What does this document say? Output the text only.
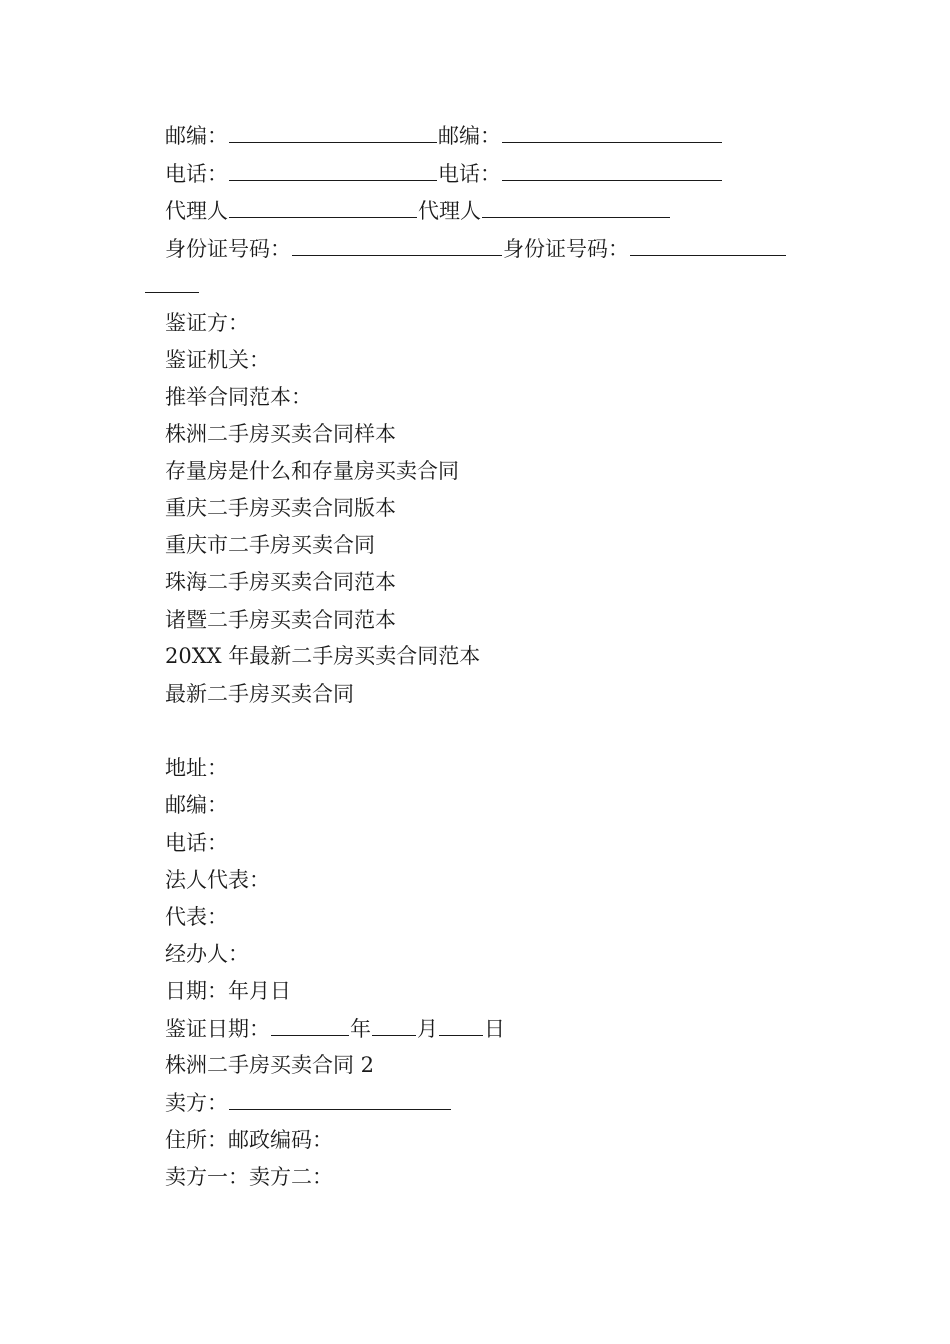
邮编：	邮编：
电话：	电话：
代理人	代理人
身份证号码：	身份证号码：
鉴证方：
鉴证机关：
推举合同范本：
株洲二手房买卖合同样本
存量房是什么和存量房买卖合同
重庆二手房买卖合同版本
重庆市二手房买卖合同
珠海二手房买卖合同范本
诸暨二手房买卖合同范本
20XX 年最新二手房买卖合同范本
最新二手房买卖合同
地址：
邮编：
电话：
法人代表：
代表：
经办人：
日期：年月日
鉴证日期：	年 月 日
株洲二手房买卖合同 2
卖方：
住所：邮政编码：
卖方一：卖方二：
